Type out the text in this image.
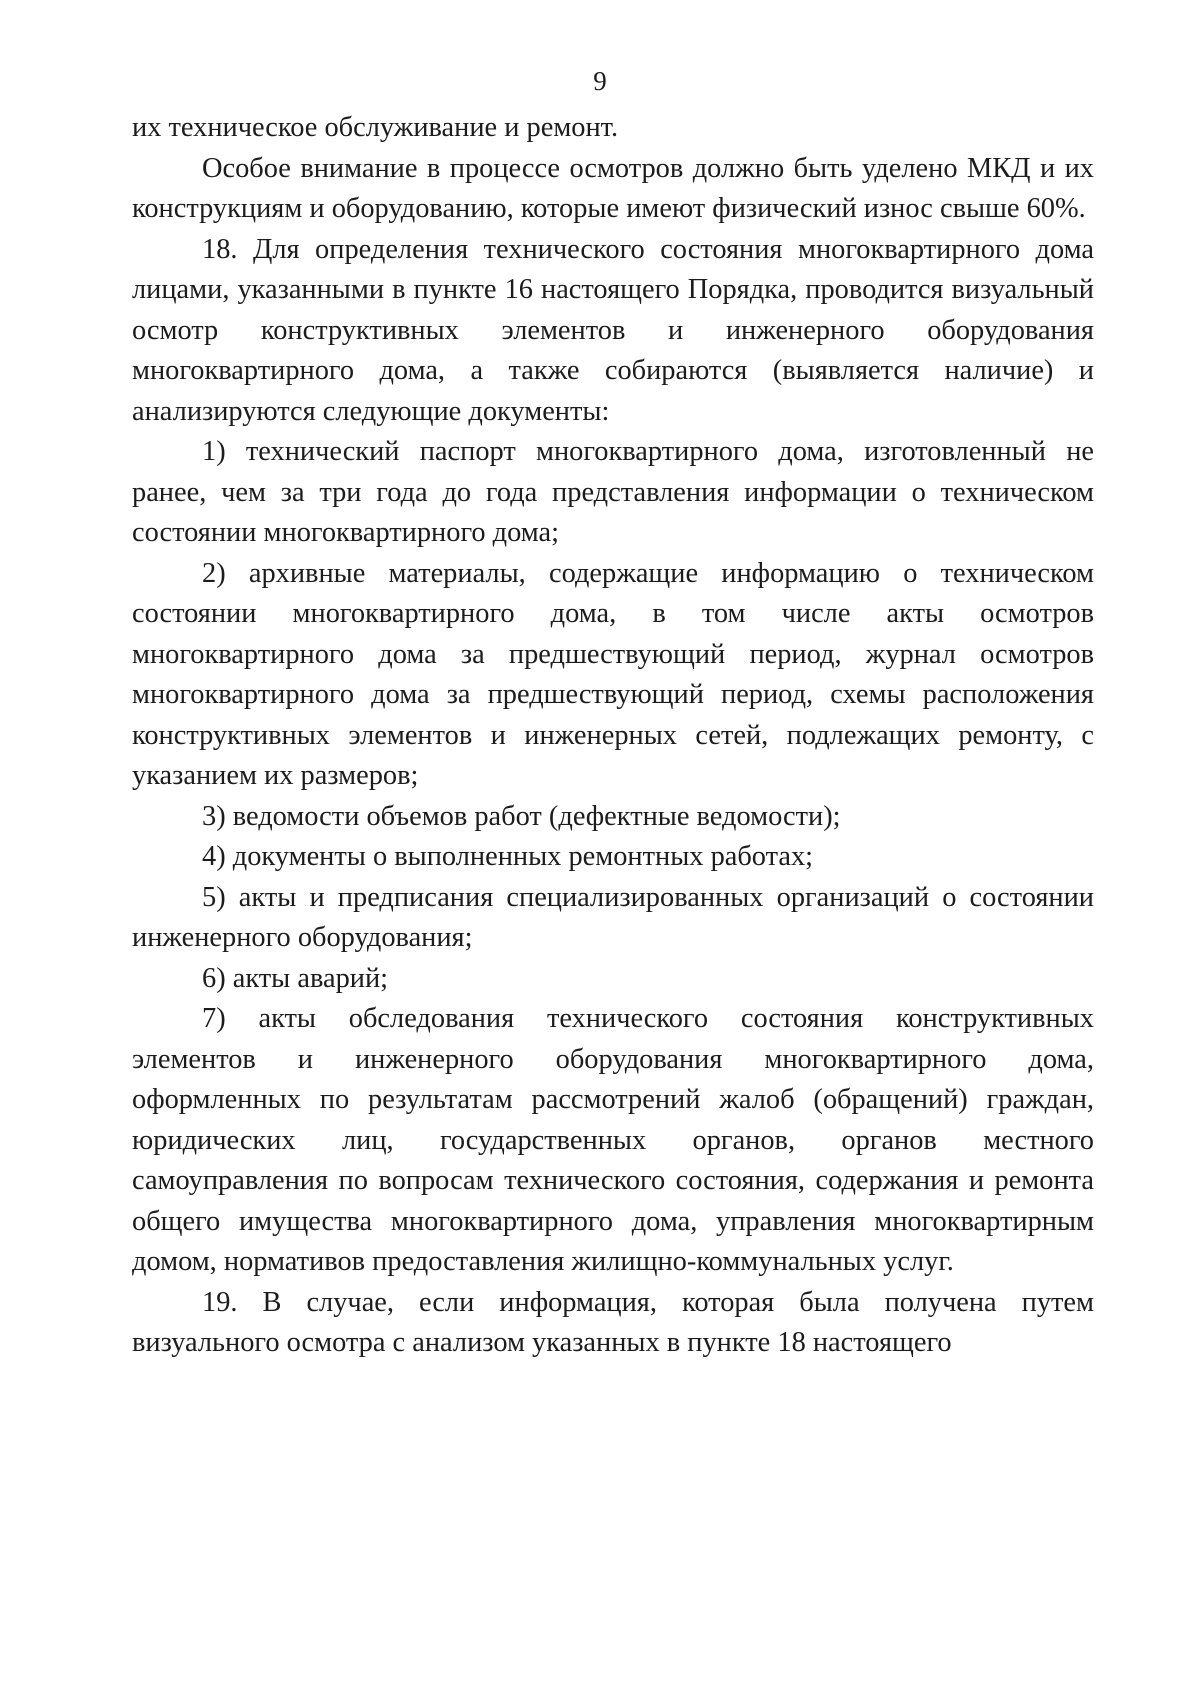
9

их техническое обслуживание и ремонт.

Особое внимание в процессе осмотров должно быть уделено МКД и их конструкциям и оборудованию, которые имеют физический износ свыше 60%.

18. Для определения технического состояния многоквартирного дома лицами, указанными в пункте 16 настоящего Порядка, проводится визуальный осмотр конструктивных элементов и инженерного оборудования многоквартирного дома, а также собираются (выявляется наличие) и анализируются следующие документы:

1) технический паспорт многоквартирного дома, изготовленный не ранее, чем за три года до года представления информации о техническом состоянии многоквартирного дома;

2) архивные материалы, содержащие информацию о техническом состоянии многоквартирного дома, в том числе акты осмотров многоквартирного дома за предшествующий период, журнал осмотров многоквартирного дома за предшествующий период, схемы расположения конструктивных элементов и инженерных сетей, подлежащих ремонту, с указанием их размеров;

3) ведомости объемов работ (дефектные ведомости);

4) документы о выполненных ремонтных работах;

5) акты и предписания специализированных организаций о состоянии инженерного оборудования;

6) акты аварий;

7) акты обследования технического состояния конструктивных элементов и инженерного оборудования многоквартирного дома, оформленных по результатам рассмотрений жалоб (обращений) граждан, юридических лиц, государственных органов, органов местного самоуправления по вопросам технического состояния, содержания и ремонта общего имущества многоквартирного дома, управления многоквартирным домом, нормативов предоставления жилищно-коммунальных услуг.

19. В случае, если информация, которая была получена путем визуального осмотра с анализом указанных в пункте 18 настоящего
